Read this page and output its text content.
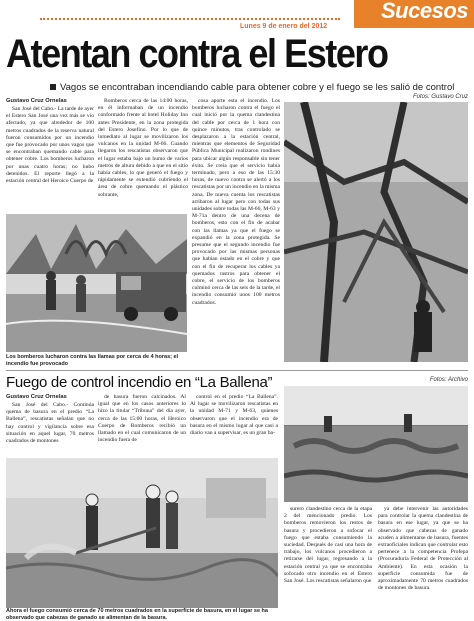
Lunes 9 de enero del 2012
Sucesos
Atentan contra el Estero
Vagos se encontraban incendiando cable para obtener cobre y el fuego se les salió de control
Fotos: Gustavo Cruz
Gustavo Cruz Ornelas

San José del Cabo.- La tarde de ayer el Estero San José una vez más se vio afectado, ya que alrededor de 100 metros cuadrados de la reserva natural fueron consumidos por un incendio que fue provocado por unos vagos que se encontraban quemando cable para obtener cobre. Los bomberos lucharon por unas cuatro horas; no hubo detenidos. El reporte llegó a la estación central del Heroico Cuerpo de

Bomberos cerca de las 14:00 horas, en él informaban de un incendio conformado frente al hotel Holiday Inn antes Presidente, en la zona protegida del Estero Josefino. Por lo que de inmediato al lugar se movilizaron los vulcanos en la unidad M-66. Cuando llegaron los rescatistas observaron que el lugar estaba bajo un humo de varios metros de altura debido a que en el sitio había cables, lo que generó el fuego y rápidamente se extendió cubriendo el área de cobre quemando el plástico sobrante,

cosa aporte esta el incendio. Los bomberos lucharon contra el fuego el cual inició por la quema clandestina del cable por cerca de 1 hora con quince minutos, tras controlado se desplazaron a la estación central, mientras que elementos de Seguridad Pública Municipal realizaron rondines para ubicar algún responsable sin tener éxito. Se creía que el servicio había terminado, pero a eso de las 15:30 horas, de nuevo contra se alertó a los rescatistas por un incendio en la misma zona. De nueva cuenta los rescatistas arribaron al lugar pero con todas sus unidades sobre todas las M-66, M-63 y M-71a dentro de una decena de bomberos, esto con el fin de acabar con las llamas ya que el fuego se expandió en la zona protegida. Se presume que el segundo incendio fue provocado por las mismas personas que habían estado en el cobre y que con el fin de recuperar los cables ya quemados rastros para obtener el cobre, el servicio de los bomberos culminó cerca de las seis de la tarde, el incendio consumió unos 100 metros cuadrados.

Los bomberos lucharon contra las llamas por cerca de 4 horas; el incendio fue provocado
Fuego de control incendio en “La Ballena”	Fotos: Archivo
Gustavo Cruz Ornelas

San José del Cabo.- Continúa quema de basura en el predio “La Ballena”, rescatistas señalan que no hay control y vigilancia sobre esa situación en aquel lugar, 70 metros cuadrados de montones

de basura fueron calcinados. Al igual que en los casos anteriores lo hizo la titular “Tribuna” del día ayer, cerca de las 15:00 horas, el Heroico Cuerpo de Bomberos recibió un llamado en el cual comunicaron de un incendio fuera de

control en el predio “La Ballena”. Al lugar se movilizaron rescatistas en la unidad M-71 y M-63, quienes observaron que el incendio era de basura en el mismo lugar al que casi a diario van a supervisar, es un gran ba-

Ahora el fuego consumió cerca de 70 metros cuadrados en la superficie de basura, en el lugar se ha observado que cabezas de ganado se alimentan de la basura.

surero clandestino cerca de la etapa 2 del mencionado predio. Los bomberos removieron los restos de basura y procedieron a sofocar el fuego que estaba consumiendo la suciedad. Después de casi una hora de trabajo, los vulcanos procedieron a retirarse del lugar, regresando a la estación central ya que se encontraba sofocado otro incendio en el Estero San José. Los rescatistas señalaron que

ya debe intervenir las autoridades para controlar la quema clandestina de basura en ese lugar, ya que se ha observado que cabezas de ganado acuden a alimentarse de basura, fuentes extraoficiales indican que controlar esto pertenece a la competencia Profepa (Procuraduría Federal de Protección al Ambiente). En esta ocasión la superficie consumida fue de aproximadamente 70 metros cuadrados de montones de basura.
